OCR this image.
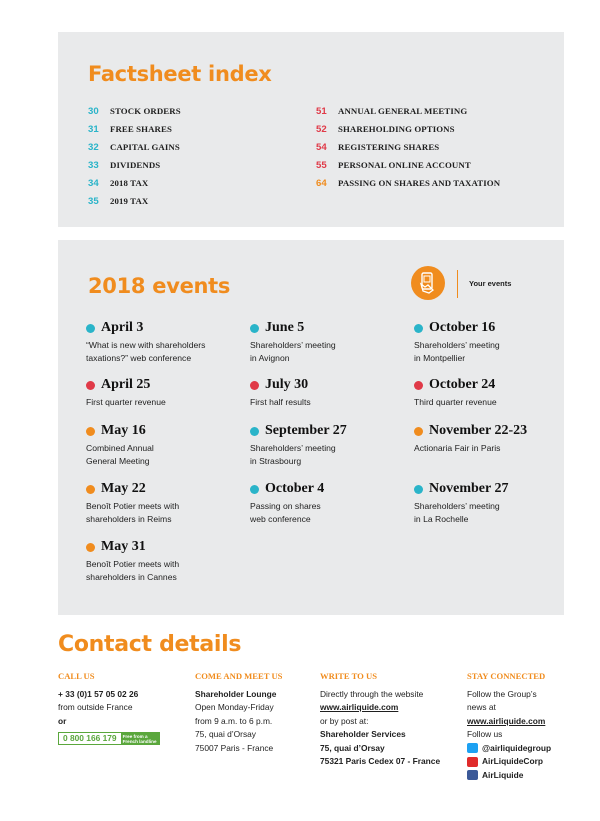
Factsheet index
30	STOCK ORDERS
31	FREE SHARES
32	CAPITAL GAINS
33	DIVIDENDS
34	2018 TAX
35	2019 TAX
51	ANNUAL GENERAL MEETING
52	SHAREHOLDING OPTIONS
54	REGISTERING SHARES
55	PERSONAL ONLINE ACCOUNT
64	PASSING ON SHARES AND TAXATION
2018 events	Your events
April 3
“What is new with shareholders
taxations?” web conference
April 25
First quarter revenue
May 16
Combined Annual
General Meeting
May 22
Benoît Potier meets with
shareholders in Reims
May 31
Benoît Potier meets with
shareholders in Cannes
June 5
Shareholders’ meeting
in Avignon
July 30
First half results
September 27
Shareholders’ meeting
in Strasbourg
October 4
Passing on shares
web conference
October 16
Shareholders’ meeting
in Montpellier
October 24
Third quarter revenue
November 22-23
Actionaria Fair in Paris
November 27
Shareholders’ meeting
in La Rochelle
Contact details
CALL US
+ 33 (0)1 57 05 02 26
from outside France
or
0 800 166 179	Free from a
French landline
COME AND MEET US
Shareholder Lounge
Open Monday-Friday
from 9 a.m. to 6 p.m.
75, quai d’Orsay
75007 Paris - France
WRITE TO US
Directly through the website
www.airliquide.com
or by post at:
Shareholder Services
75, quai d’Orsay
75321 Paris Cedex 07 - France
STAY CONNECTED
Follow the Group’s
news at
www.airliquide.com
Follow us
@airliquidegroup
AirLiquideCorp
AirLiquide
